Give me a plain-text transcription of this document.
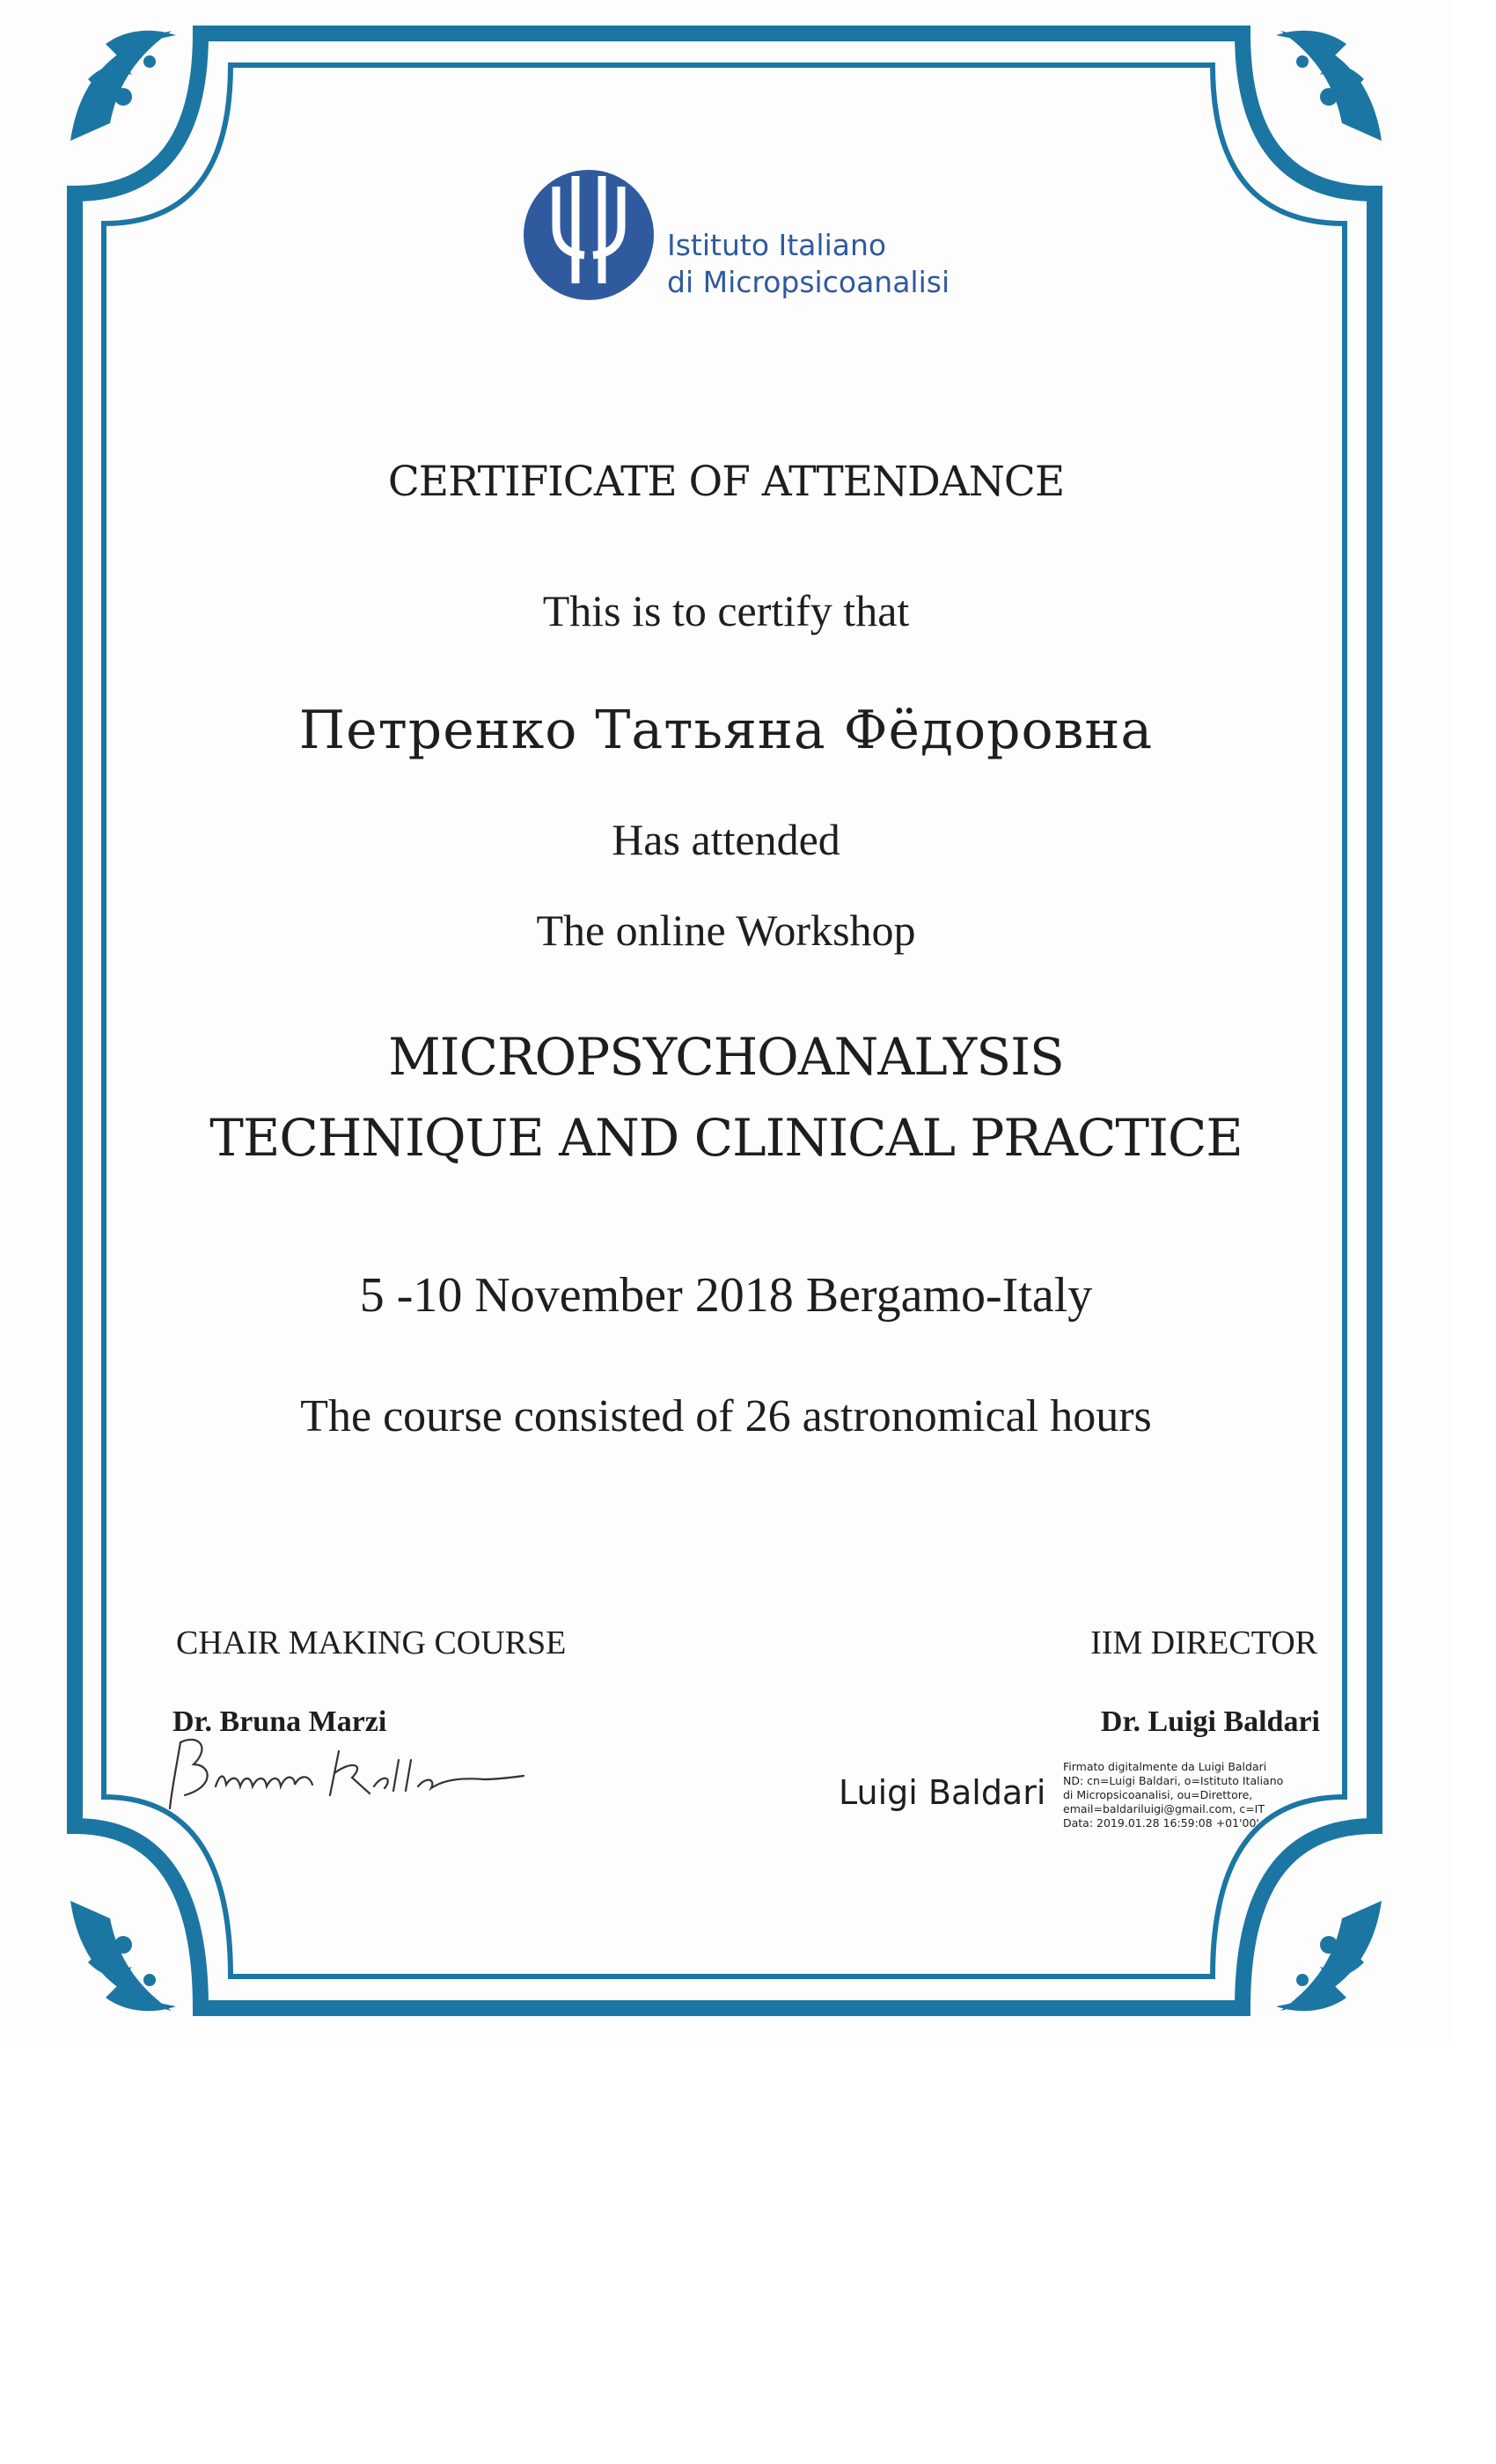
Istituto Italiano
di Micropsicoanalisi
CERTIFICATE OF ATTENDANCE
This is to certify that
Петренко Татьяна Фёдоровна
Has attended
The online Workshop
MICROPSYCHOANALYSIS
TECHNIQUE AND CLINICAL PRACTICE
5 -10 November 2018 Bergamo-Italy
The course consisted of 26 astronomical hours
CHAIR MAKING COURSE	IIM DIRECTOR
Dr. Bruna Marzi	Dr. Luigi Baldari
Luigi Baldari
Firmato digitalmente da Luigi Baldari
ND: cn=Luigi Baldari, o=Istituto Italiano
di Micropsicoanalisi, ou=Direttore,
email=baldariluigi@gmail.com, c=IT
Data: 2019.01.28 16:59:08 +01'00'
